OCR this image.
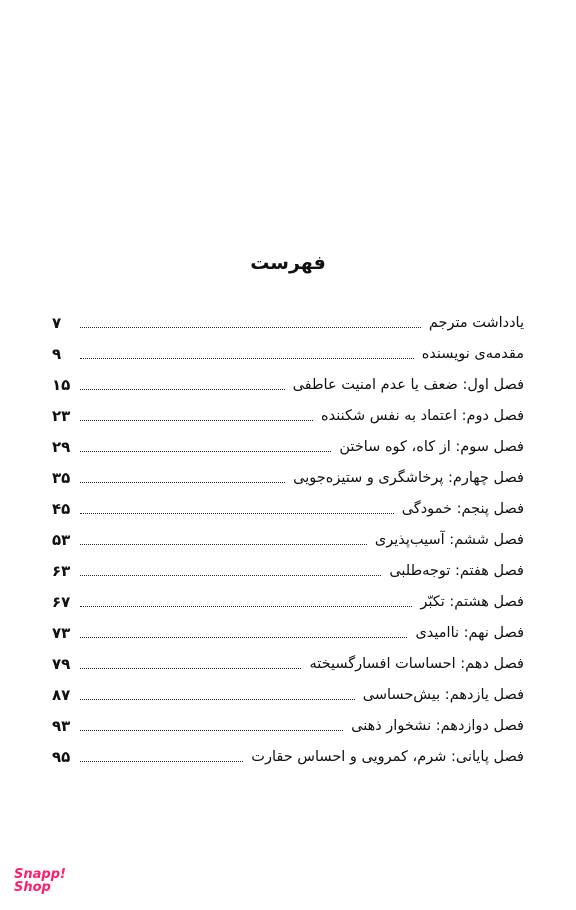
فهرست
یادداشت مترجم
۷
مقدمه‌ی نویسنده
۹
فصل اول: ضعف یا عدم امنیت عاطفی
۱۵
فصل دوم: اعتماد به نفس شکننده
۲۳
فصل سوم: از کاه، کوه ساختن
۲۹
فصل چهارم: پرخاشگری و ستیزه‌جویی
۳۵
فصل پنجم: خمودگی
۴۵
فصل ششم: آسیب‌پذیری
۵۳
فصل هفتم: توجه‌طلبی
۶۳
فصل هشتم: تکبّر
۶۷
فصل نهم: ناامیدی
۷۳
فصل دهم: احساسات افسارگسیخته
۷۹
فصل یازدهم: بیش‌حساسی
۸۷
فصل دوازدهم: نشخوار ذهنی
۹۳
فصل پایانی: شرم، کمرویی و احساس حقارت
۹۵
Snapp!
Shop
